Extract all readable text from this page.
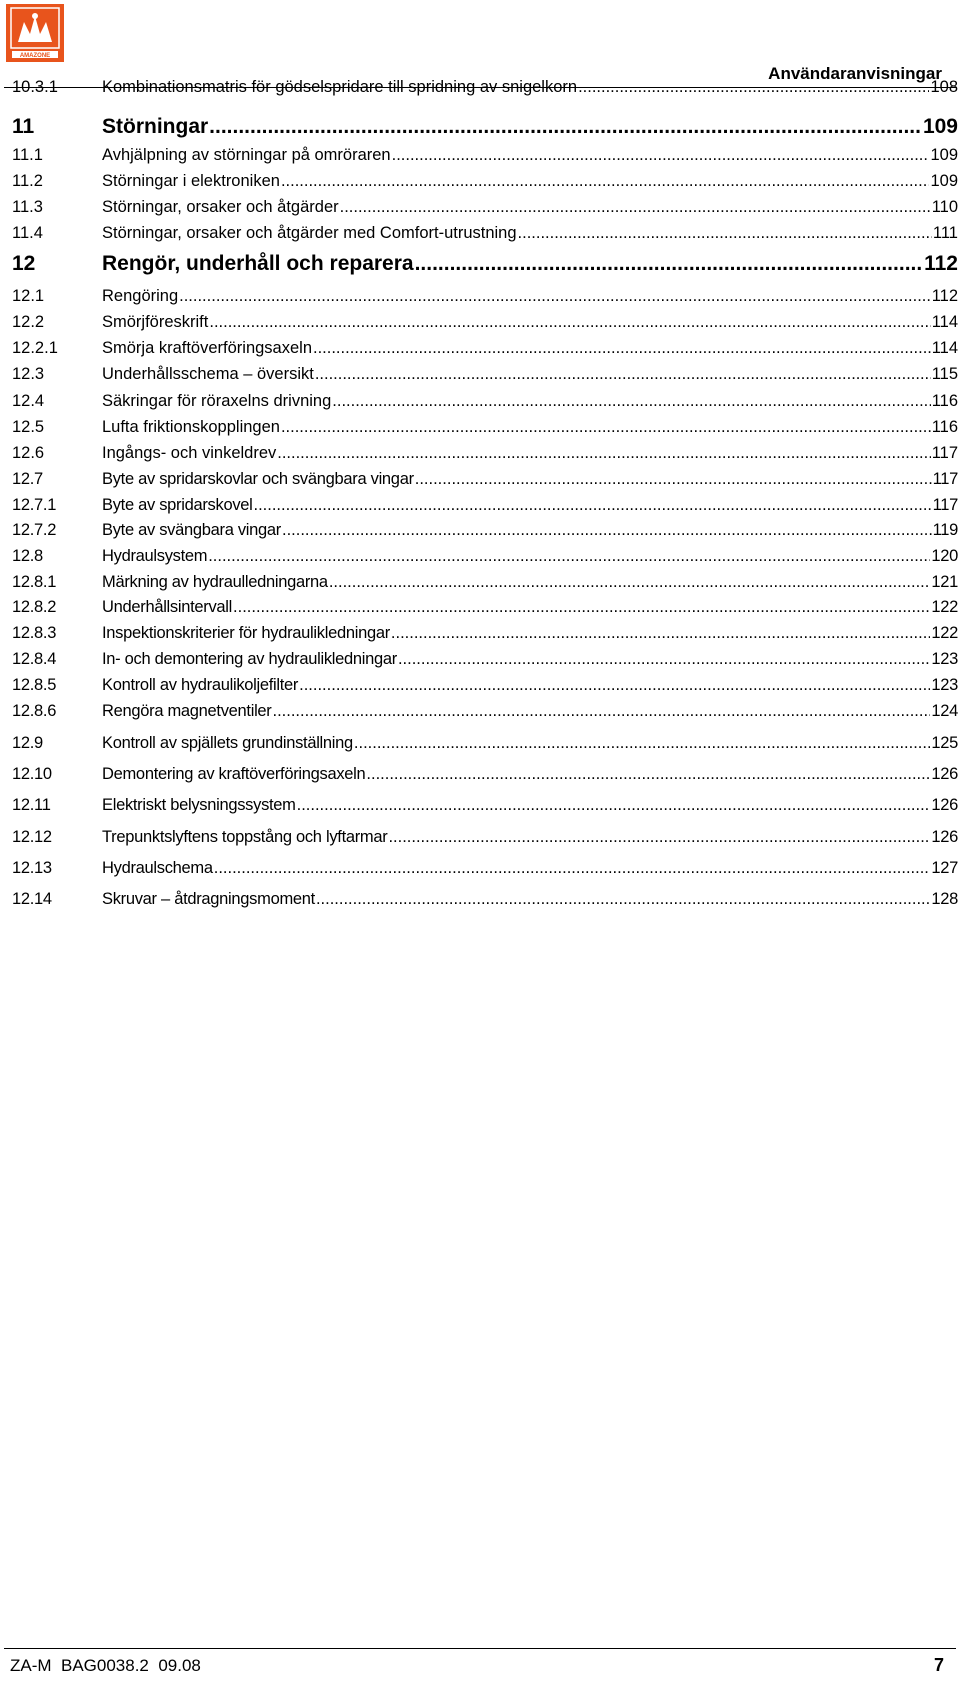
AMAZONE
Användaranvisningar
10.3.1	Kombinationsmatris för gödselspridare till spridning av snigelkorn .....	108
11	Störningar .....	109
11.1	Avhjälpning av störningar på omröraren .....	109
11.2	Störningar i elektroniken .....	109
11.3	Störningar, orsaker och åtgärder .....	110
11.4	Störningar, orsaker och åtgärder med Comfort-utrustning .....	111
12	Rengör, underhåll och reparera .....	112
12.1	Rengöring .....	112
12.2	Smörjföreskrift .....	114
12.2.1	Smörja kraftöverföringsaxeln .....	114
12.3	Underhållsschema – översikt .....	115
12.4	Säkringar för röraxelns drivning .....	116
12.5	Lufta friktionskopplingen .....	116
12.6	Ingångs- och vinkeldrev .....	117
12.7	Byte av spridarskovlar och svängbara vingar .....	117
12.7.1	Byte av spridarskovel .....	117
12.7.2	Byte av svängbara vingar .....	119
12.8	Hydraulsystem .....	120
12.8.1	Märkning av hydraulledningarna .....	121
12.8.2	Underhållsintervall .....	122
12.8.3	Inspektionskriterier för hydraulikledningar .....	122
12.8.4	In- och demontering av hydraulikledningar .....	123
12.8.5	Kontroll av hydraulikoljefilter .....	123
12.8.6	Rengöra magnetventiler .....	124
12.9	Kontroll av spjällets grundinställning .....	125
12.10	Demontering av kraftöverföringsaxeln .....	126
12.11	Elektriskt belysningssystem .....	126
12.12	Trepunktslyftens toppstång och lyftarmar .....	126
12.13	Hydraulschema .....	127
12.14	Skruvar – åtdragningsmoment .....	128
ZA-M  BAG0038.2  09.08	7
